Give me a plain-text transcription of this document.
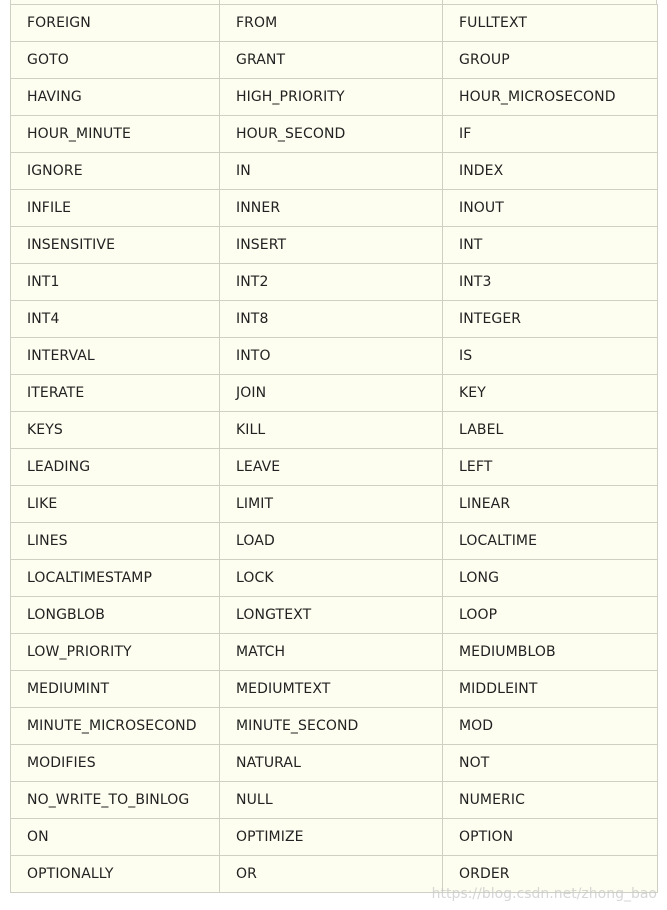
FOREIGN	FROM	FULLTEXT
GOTO	GRANT	GROUP
HAVING	HIGH_PRIORITY	HOUR_MICROSECOND
HOUR_MINUTE	HOUR_SECOND	IF
IGNORE	IN	INDEX
INFILE	INNER	INOUT
INSENSITIVE	INSERT	INT
INT1	INT2	INT3
INT4	INT8	INTEGER
INTERVAL	INTO	IS
ITERATE	JOIN	KEY
KEYS	KILL	LABEL
LEADING	LEAVE	LEFT
LIKE	LIMIT	LINEAR
LINES	LOAD	LOCALTIME
LOCALTIMESTAMP	LOCK	LONG
LONGBLOB	LONGTEXT	LOOP
LOW_PRIORITY	MATCH	MEDIUMBLOB
MEDIUMINT	MEDIUMTEXT	MIDDLEINT
MINUTE_MICROSECOND	MINUTE_SECOND	MOD
MODIFIES	NATURAL	NOT
NO_WRITE_TO_BINLOG	NULL	NUMERIC
ON	OPTIMIZE	OPTION
OPTIONALLY	OR	ORDER
https://blog.csdn.net/zhong_bao
